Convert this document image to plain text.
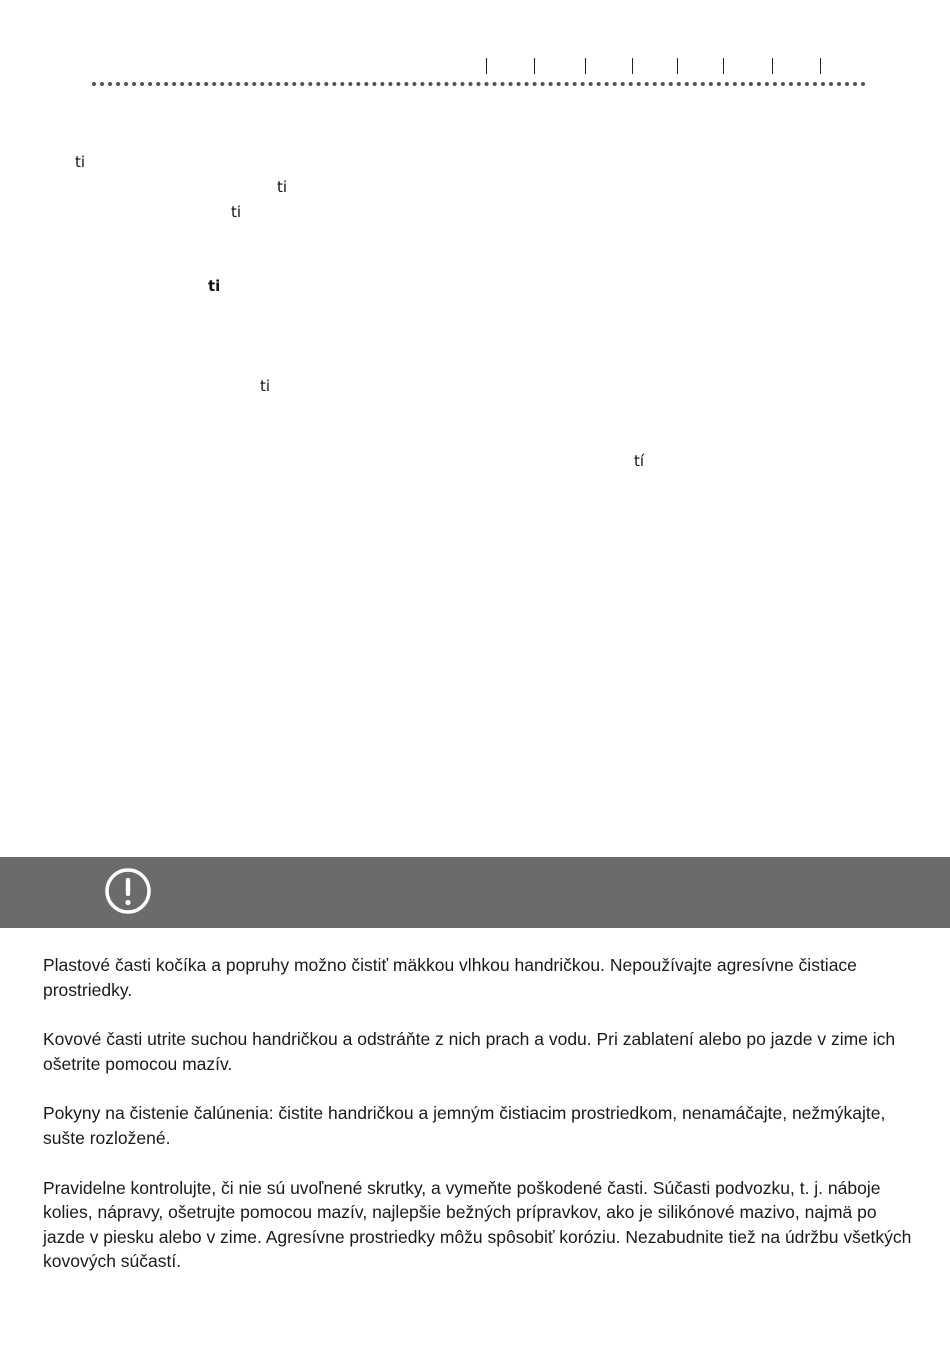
ti
ti
ti
ti
ti
tí

Plastové časti kočíka a popruhy možno čistiť mäkkou vlhkou handričkou. Nepoužívajte agresívne čistiace prostriedky.

Kovové časti utrite suchou handričkou a odstráňte z nich prach a vodu. Pri zablatení alebo po jazde v zime ich ošetrite pomocou mazív.

Pokyny na čistenie čalúnenia: čistite handričkou a jemným čistiacim prostriedkom, nenamáčajte, nežmýkajte, sušte rozložené.

Pravidelne kontrolujte, či nie sú uvoľnené skrutky, a vymeňte poškodené časti. Súčasti podvozku, t. j. náboje kolies, nápravy, ošetrujte pomocou mazív, najlepšie bežných prípravkov, ako je silikónové mazivo, najmä po jazde v piesku alebo v zime. Agresívne prostriedky môžu spôsobiť koróziu. Nezabudnite tiež na údržbu všetkých kovových súčastí.
